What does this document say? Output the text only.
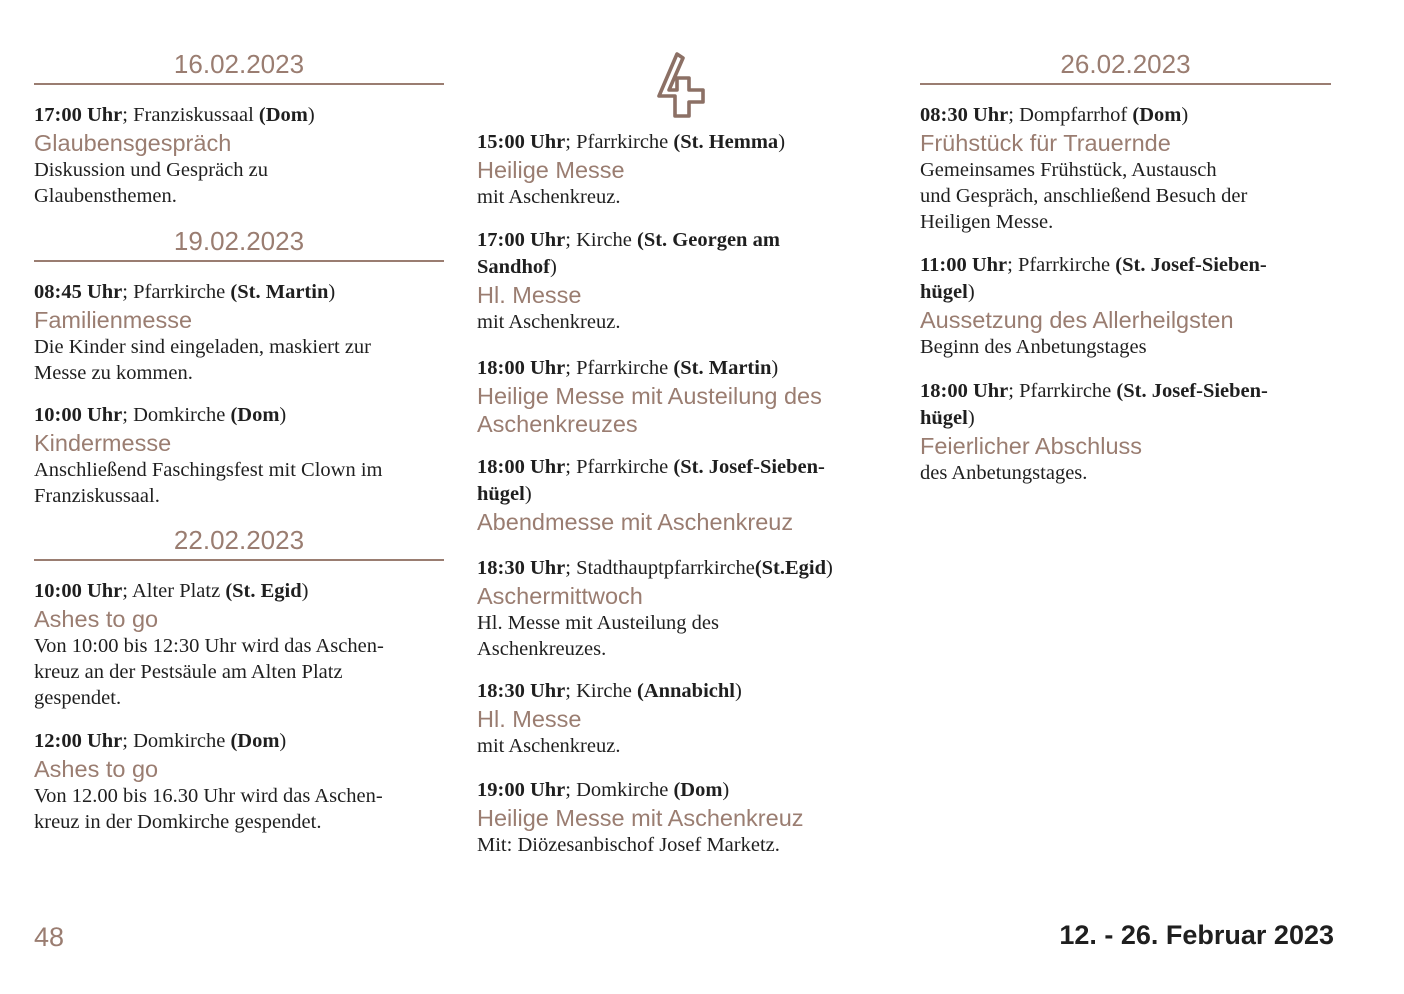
16.02.2023
17:00 Uhr; Franziskussaal (Dom)
Glaubensgespräch
Diskussion und Gespräch zu
Glaubensthemen.
19.02.2023
08:45 Uhr; Pfarrkirche (St. Martin)
Familienmesse
Die Kinder sind eingeladen, maskiert zur
Messe zu kommen.
10:00 Uhr; Domkirche (Dom)
Kindermesse
Anschließend Faschingsfest mit Clown im
Franziskussaal.
22.02.2023
10:00 Uhr; Alter Platz (St. Egid)
Ashes to go
Von 10:00 bis 12:30 Uhr wird das Aschen-
kreuz an der Pestsäule am Alten Platz
gespendet.
12:00 Uhr; Domkirche (Dom)
Ashes to go
Von 12.00 bis 16.30 Uhr wird das Aschen-
kreuz in der Domkirche gespendet.
15:00 Uhr; Pfarrkirche (St. Hemma)
Heilige Messe
mit Aschenkreuz.
17:00 Uhr; Kirche (St. Georgen am
Sandhof)
Hl. Messe
mit Aschenkreuz.
18:00 Uhr; Pfarrkirche (St. Martin)
Heilige Messe mit Austeilung des
Aschenkreuzes
18:00 Uhr; Pfarrkirche (St. Josef-Sieben-
hügel)
Abendmesse mit Aschenkreuz
18:30 Uhr; Stadthauptpfarrkirche(St.Egid)
Aschermittwoch
Hl. Messe mit Austeilung des
Aschenkreuzes.
18:30 Uhr; Kirche (Annabichl)
Hl. Messe
mit Aschenkreuz.
19:00 Uhr; Domkirche (Dom)
Heilige Messe mit Aschenkreuz
Mit: Diözesanbischof Josef Marketz.
26.02.2023
08:30 Uhr; Dompfarrhof (Dom)
Frühstück für Trauernde
Gemeinsames Frühstück, Austausch
und Gespräch, anschließend Besuch der
Heiligen Messe.
11:00 Uhr; Pfarrkirche (St. Josef-Sieben-
hügel)
Aussetzung des Allerheilgsten
Beginn des Anbetungstages
18:00 Uhr; Pfarrkirche (St. Josef-Sieben-
hügel)
Feierlicher Abschluss
des Anbetungstages.
48	12. - 26. Februar 2023
